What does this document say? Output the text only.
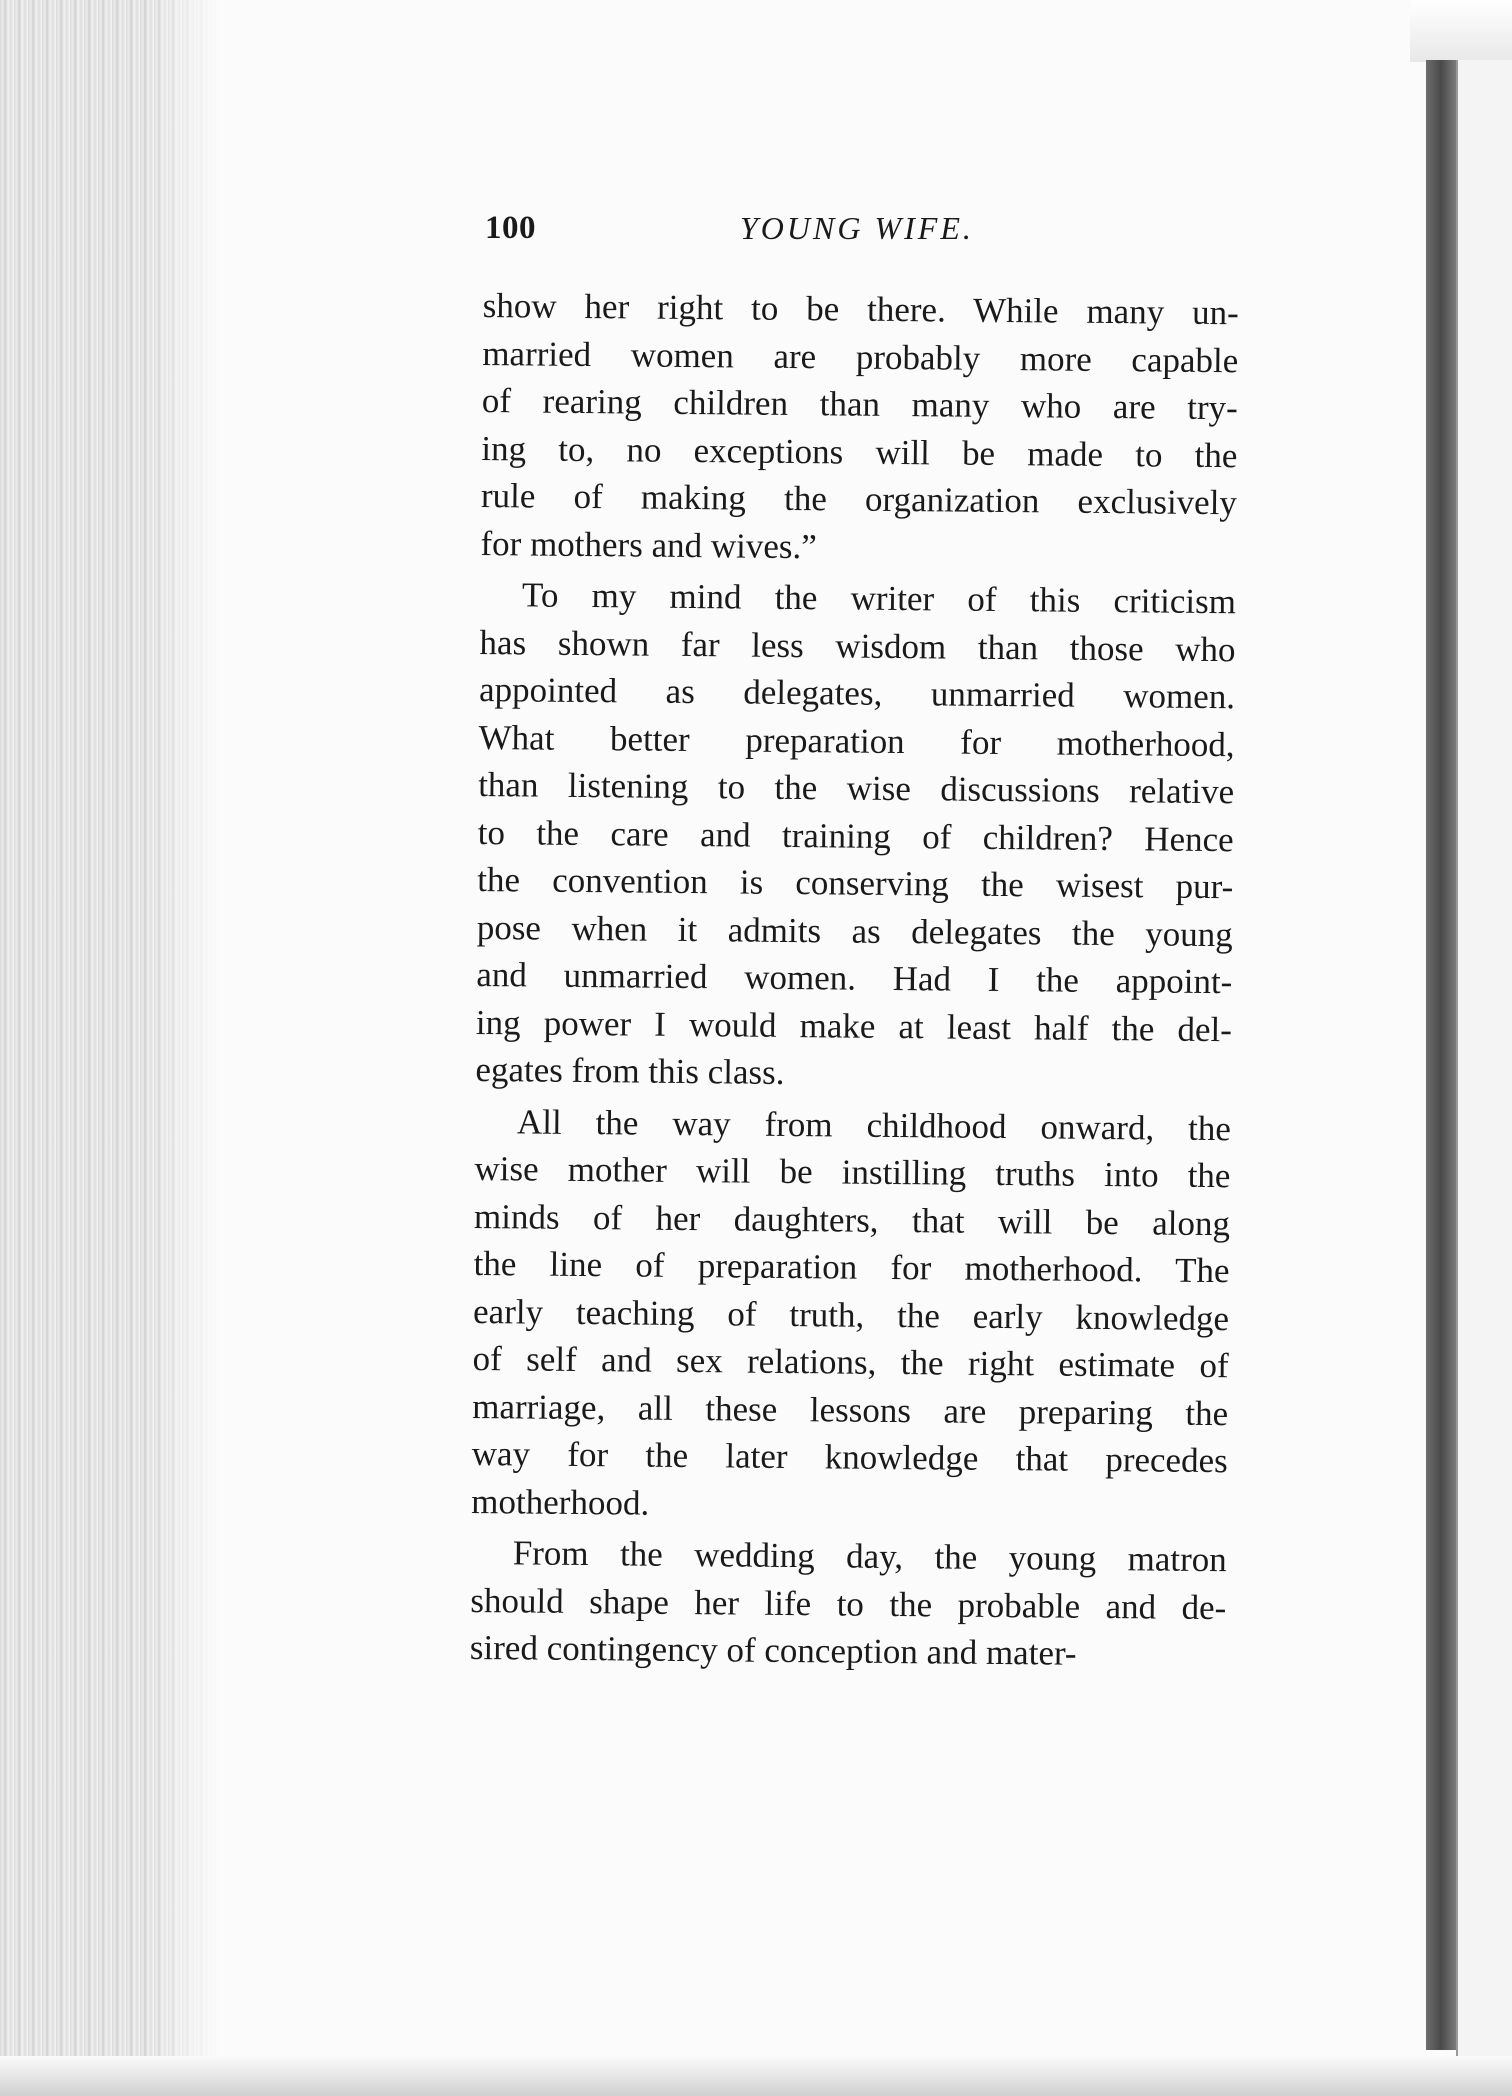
100	YOUNG WIFE.

show her right to be there. While many un-
married women are probably more capable
of rearing children than many who are try-
ing to, no exceptions will be made to the
rule of making the organization exclusively
for mothers and wives.”

To my mind the writer of this criticism
has shown far less wisdom than those who
appointed as delegates, unmarried women.
What better preparation for motherhood,
than listening to the wise discussions relative
to the care and training of children? Hence
the convention is conserving the wisest pur-
pose when it admits as delegates the young
and unmarried women. Had I the appoint-
ing power I would make at least half the del-
egates from this class.

All the way from childhood onward, the
wise mother will be instilling truths into the
minds of her daughters, that will be along
the line of preparation for motherhood. The
early teaching of truth, the early knowledge
of self and sex relations, the right estimate of
marriage, all these lessons are preparing the
way for the later knowledge that precedes
motherhood.

From the wedding day, the young matron
should shape her life to the probable and de-
sired contingency of conception and mater-
